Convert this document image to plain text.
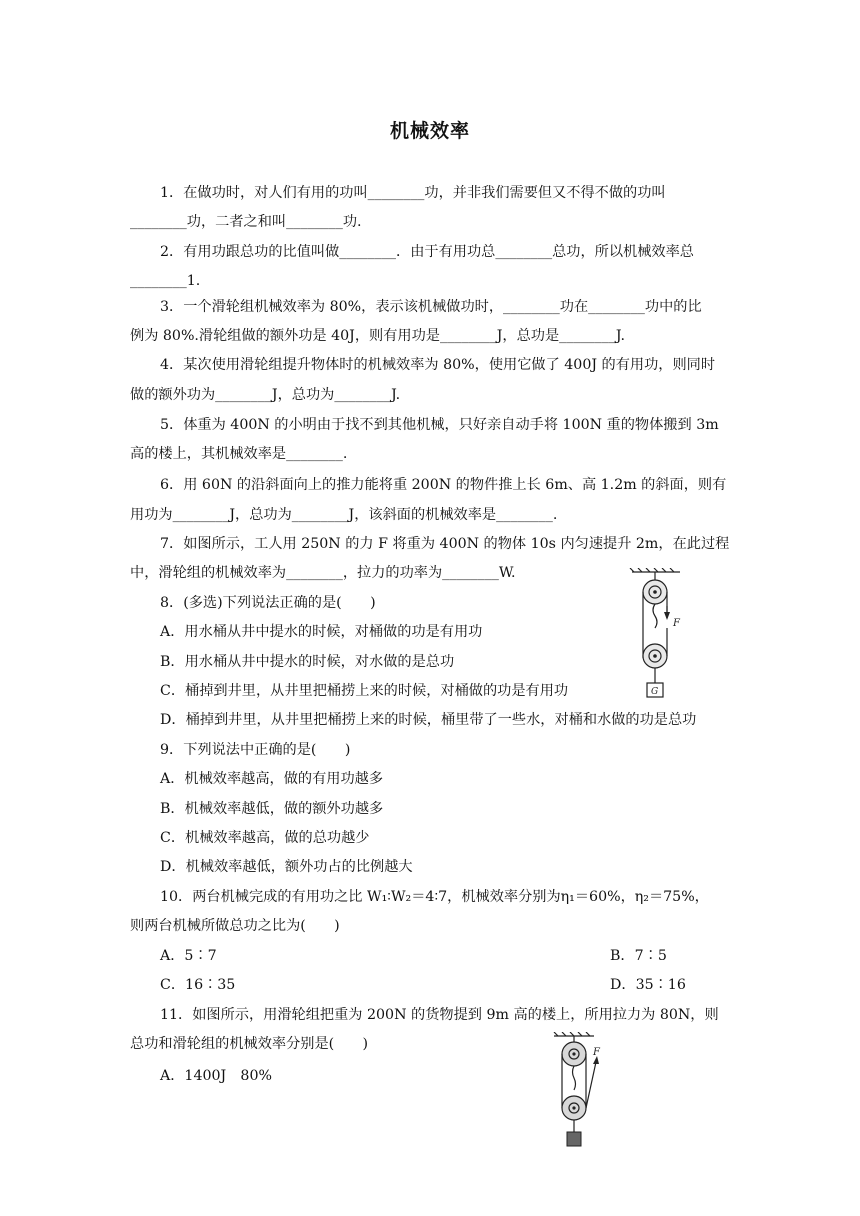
机械效率
1．在做功时，对人们有用的功叫________功，并非我们需要但又不得不做的功叫
________功，二者之和叫________功.
2．有用功跟总功的比值叫做________．由于有用功总________总功，所以机械效率总
________1.
3．一个滑轮组机械效率为 80%，表示该机械做功时，________功在________功中的比
例为 80%.滑轮组做的额外功是 40J，则有用功是________J，总功是________J.
4．某次使用滑轮组提升物体时的机械效率为 80%，使用它做了 400J 的有用功，则同时
做的额外功为________J，总功为________J.
5．体重为 400N 的小明由于找不到其他机械，只好亲自动手将 100N 重的物体搬到 3m
高的楼上，其机械效率是________.
6．用 60N 的沿斜面向上的推力能将重 200N 的物件推上长 6m、高 1.2m 的斜面，则有
用功为________J，总功为________J，该斜面的机械效率是________.
7．如图所示，工人用 250N 的力 F 将重为 400N 的物体 10s 内匀速提升 2m，在此过程
中，滑轮组的机械效率为________，拉力的功率为________W.
8．(多选)下列说法正确的是(　　)
A．用水桶从井中提水的时候，对桶做的功是有用功
B．用水桶从井中提水的时候，对水做的是总功
C．桶掉到井里，从井里把桶捞上来的时候，对桶做的功是有用功
D．桶掉到井里，从井里把桶捞上来的时候，桶里带了一些水，对桶和水做的功是总功
9．下列说法中正确的是(　　)
A．机械效率越高，做的有用功越多
B．机械效率越低，做的额外功越多
C．机械效率越高，做的总功越少
D．机械效率越低，额外功占的比例越大
10．两台机械完成的有用功之比 W₁∶W₂＝4∶7，机械效率分别为η₁＝60%，η₂＝75%，
则两台机械所做总功之比为(　　)
A．5∶7	B．7∶5
C．16∶35	D．35∶16
11．如图所示，用滑轮组把重为 200N 的货物提到 9m 高的楼上，所用拉力为 80N，则
总功和滑轮组的机械效率分别是(　　)
A．1400J　80%
F
G
F
